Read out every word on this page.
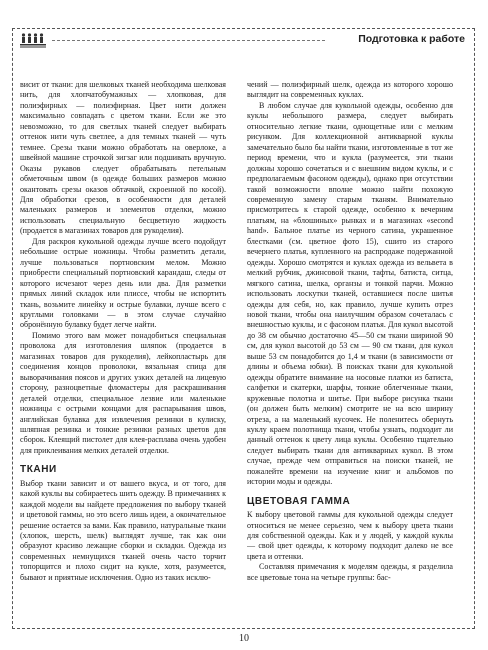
Подготовка к работе

висит от ткани: для шелковых тканей необходима шелковая нить, для хлопчатобумажных — хлопковая, для полиэфирных — полиэфирная. Цвет нити должен максимально совпадать с цветом ткани. Если же это невозможно, то для светлых тканей следует выбирать оттенок нити чуть светлее, а для темных тканей — чуть темнее. Срезы ткани можно обработать на оверлоке, а швейной машине строчкой зигзаг или подшивать вручную. Оказы рукавов следует обрабатывать петельным обметочным швом (в одежде больших размеров можно окантовать срезы оказов обтачкой, скроенной по косой). Для обработки срезов, в особенности для деталей маленьких размеров и элементов отделки, можно использовать специальную бесцветную жидкость (продается в магазинах товаров для рукоделия).

Для раскроя кукольной одежды лучше всего подойдут небольшие острые ножницы. Чтобы разметить детали, лучше пользоваться портновским мелом. Можно приобрести специальный портновский карандаш, следы от которого исчезают через день или два. Для разметки прямых линий складок или плиссе, чтобы не испортить ткань, возьмите линейку и острые булавки, лучше всего с круглыми головками — в этом случае случайно обронённую булавку будет легче найти.

Помимо этого вам может понадобиться специальная проволока для изготовления шляпок (продается в магазинах товаров для рукоделия), лейкопластырь для соединения концов проволоки, вязальная спица для выворачивания поясов и других узких деталей на лицевую сторону, разноцветные фломастеры для раскрашивания деталей отделки, специальное лезвие или маленькие ножницы с острыми концами для распарывания швов, английская булавка для извлечения резинки в кулиску, шляпная резинка и тонкие резинки разных цветов для сборок. Клеящий пистолет для клея-расплава очень удобен для приклеивания мелких деталей отделки.

ТКАНИ

Выбор ткани зависит и от вашего вкуса, и от того, для какой куклы вы собираетесь шить одежду. В примечаниях к каждой модели вы найдете предложения по выбору тканей и цветовой гаммы, но это всего лишь идеи, а окончательное решение остается за вами. Как правило, натуральные ткани (хлопок, шерсть, шелк) выглядят лучше, так как они образуют красиво лежащие сборки и складки. Одежда из современных немнущихся тканей очень часто торчит топорщится и плохо сидит на кукле, хотя, разумеется, бывают и приятные исключения. Одно из таких исклю-

чений — полиэфирный шелк, одежда из которого хорошо выглядит на современных куклах.

В любом случае для кукольной одежды, особенно для куклы небольшого размера, следует выбирать относительно легкие ткани, однощетные или с мелким рисунком. Для коллекционной антикварной куклы замечательно было бы найти ткани, изготовленные в тот же период времени, что и кукла (разумеется, эти ткани должны хорошо сочетаться и с внешним видом куклы, и с предполагаемым фасоном одежды), однако при отсутствии такой возможности вполне можно найти похожую современную замену старым тканям. Внимательно присмотритесь к старой одежде, особенно к вечерним платьям, на «блошиных» рынках и в магазинах «second hand». Бальное платье из черного сатина, украшенное блестками (см. цветное фото 15), сшито из старого вечернего платья, купленного на распродаже подержанной одежды. Хорошо смотрятся и куклах одежда из вельвета в мелкий рубчик, джинсовой ткани, тафты, батиста, ситца, мягкого сатина, шелка, органзы и тонкой парчи. Можно использовать лоскутки тканей, оставшиеся после шитья одежды для себя, но, как правило, лучше купить отрез новой ткани, чтобы она наилучшим образом сочеталась с внешностью куклы, и с фасоном платья. Для кукол высотой до 38 см обычно достаточно 45—50 см ткани шириной 90 см, для кукол высотой до 53 см — 90 см ткани, для кукол выше 53 см понадобится до 1,4 м ткани (в зависимости от длины и объема юбки). В поисках ткани для кукольной одежды обратите внимание на носовые платки из батиста, салфетки и скатерки, шарфы, тонкие облегченные ткани, кружевные полотна и шитье. При выборе рисунка ткани (он должен быть мелким) смотрите не на всю ширину отреза, а на маленький кусочек. Не поленитесь обернуть куклу краем полотнища ткани, чтобы узнать, подходит ли данный оттенок к цвету лица куклы. Особенно тщательно следует выбирать ткани для антикварных кукол. В этом случае, прежде чем отправиться на поиски тканей, не пожалейте времени на изучение книг и альбомов по истории моды и одежды.

ЦВЕТОВАЯ ГАММА

К выбору цветовой гаммы для кукольной одежды следует относиться не менее серьезно, чем к выбору цвета ткани для собственной одежды. Как и у людей, у каждой куклы — свой цвет одежды, к которому подходит далеко не все цвета и оттенки.

Составляя примечания к моделям одежды, я разделила все цветовые тона на четыре группы: бас-

10
